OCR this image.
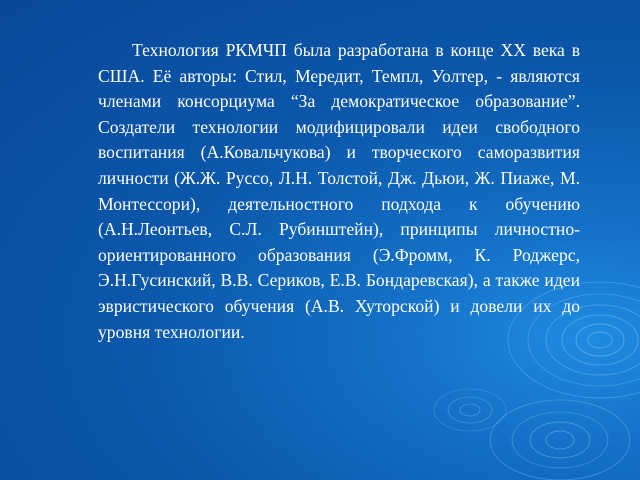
Технология РКМЧП была разработана в конце XX века в США. Её авторы: Стил, Мередит, Темпл, Уолтер, - являются членами консорциума “За демократическое образование”. Создатели технологии модифицировали идеи свободного воспитания (А.Ковальчукова) и творческого саморазвития личности (Ж.Ж. Руссо, Л.Н. Толстой, Дж. Дьюи, Ж. Пиаже, М. Монтессори), деятельностного подхода к обучению (А.Н.Леонтьев, С.Л. Рубинштейн), принципы личностно-ориентированного образования (Э.Фромм, К. Роджерс, Э.Н.Гусинский, В.В. Сериков, Е.В. Бондаревская), а также идеи эвристического обучения (А.В. Хуторской) и довели их до уровня технологии.
